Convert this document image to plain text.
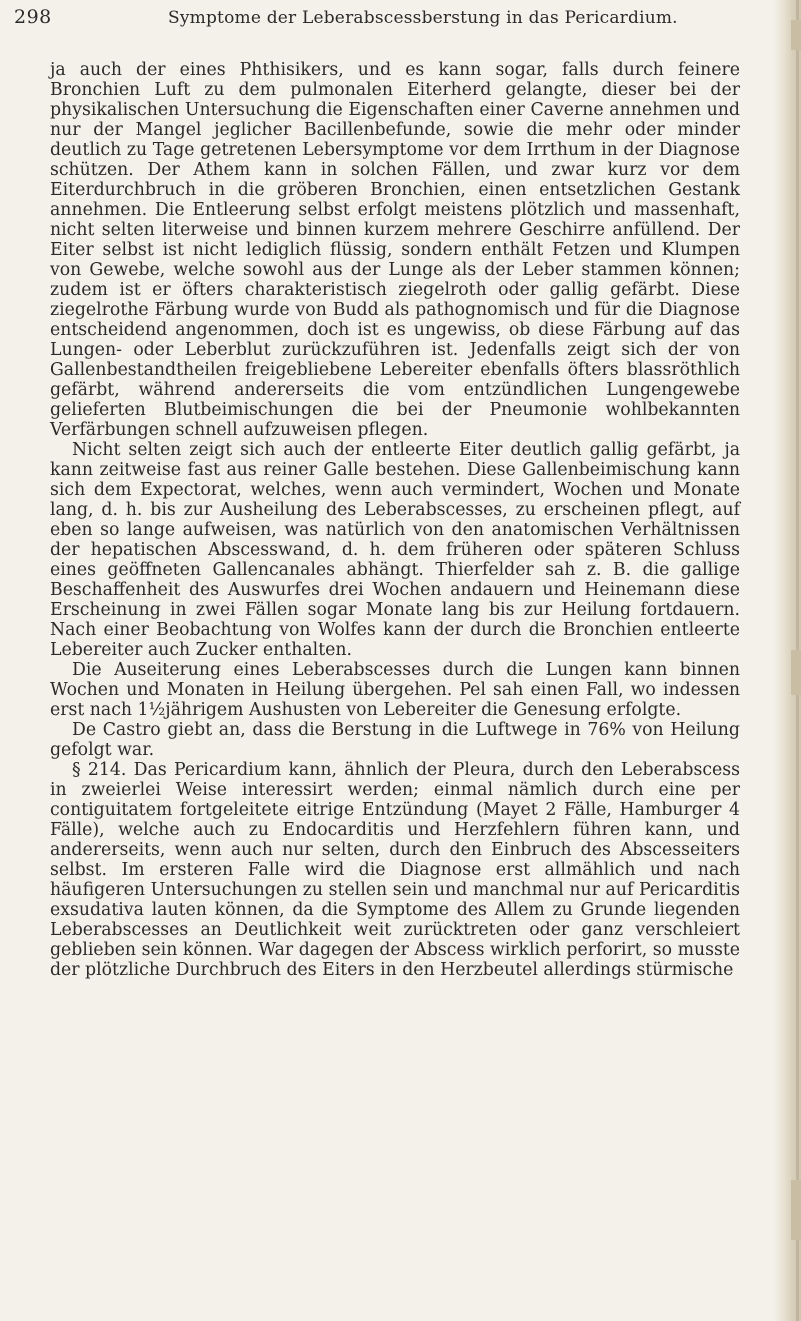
298	Symptome der Leberabscessberstung in das Pericardium.

ja auch der eines Phthisikers, und es kann sogar, falls durch feinere Bronchien Luft zu dem pulmonalen Eiterherd gelangte, dieser bei der physikalischen Untersuchung die Eigenschaften einer Caverne annehmen und nur der Mangel jeglicher Bacillenbefunde, sowie die mehr oder minder deutlich zu Tage getretenen Lebersymptome vor dem Irrthum in der Diagnose schützen. Der Athem kann in solchen Fällen, und zwar kurz vor dem Eiterdurchbruch in die gröberen Bronchien, einen entsetzlichen Gestank annehmen. Die Entleerung selbst erfolgt meistens plötzlich und massenhaft, nicht selten literweise und binnen kurzem mehrere Geschirre anfüllend. Der Eiter selbst ist nicht lediglich flüssig, sondern enthält Fetzen und Klumpen von Gewebe, welche sowohl aus der Lunge als der Leber stammen können; zudem ist er öfters charakteristisch ziegelroth oder gallig gefärbt. Diese ziegelrothe Färbung wurde von Budd als pathognomisch und für die Diagnose entscheidend angenommen, doch ist es ungewiss, ob diese Färbung auf das Lungen- oder Leberblut zurückzuführen ist. Jedenfalls zeigt sich der von Gallenbestandtheilen freigebliebene Lebereiter ebenfalls öfters blassröthlich gefärbt, während andererseits die vom entzündlichen Lungengewebe gelieferten Blutbeimischungen die bei der Pneumonie wohlbekannten Verfärbungen schnell aufzuweisen pflegen.

Nicht selten zeigt sich auch der entleerte Eiter deutlich gallig gefärbt, ja kann zeitweise fast aus reiner Galle bestehen. Diese Gallenbeimischung kann sich dem Expectorat, welches, wenn auch vermindert, Wochen und Monate lang, d. h. bis zur Ausheilung des Leberabscesses, zu erscheinen pflegt, auf eben so lange aufweisen, was natürlich von den anatomischen Verhältnissen der hepatischen Abscesswand, d. h. dem früheren oder späteren Schluss eines geöffneten Gallencanales abhängt. Thierfelder sah z. B. die gallige Beschaffenheit des Auswurfes drei Wochen andauern und Heinemann diese Erscheinung in zwei Fällen sogar Monate lang bis zur Heilung fortdauern. Nach einer Beobachtung von Wolfes kann der durch die Bronchien entleerte Lebereiter auch Zucker enthalten.

Die Auseiterung eines Leberabscesses durch die Lungen kann binnen Wochen und Monaten in Heilung übergehen. Pel sah einen Fall, wo indessen erst nach 1½jährigem Aushusten von Lebereiter die Genesung erfolgte.

De Castro giebt an, dass die Berstung in die Luftwege in 76% von Heilung gefolgt war.

§ 214. Das Pericardium kann, ähnlich der Pleura, durch den Leberabscess in zweierlei Weise interessirt werden; einmal nämlich durch eine per contiguitatem fortgeleitete eitrige Entzündung (Mayet 2 Fälle, Hamburger 4 Fälle), welche auch zu Endocarditis und Herzfehlern führen kann, und andererseits, wenn auch nur selten, durch den Einbruch des Abscesseiters selbst. Im ersteren Falle wird die Diagnose erst allmählich und nach häufigeren Untersuchungen zu stellen sein und manchmal nur auf Pericarditis exsudativa lauten können, da die Symptome des Allem zu Grunde liegenden Leberabscesses an Deutlichkeit weit zurücktreten oder ganz verschleiert geblieben sein können. War dagegen der Abscess wirklich perforirt, so musste der plötzliche Durchbruch des Eiters in den Herzbeutel allerdings stürmische
